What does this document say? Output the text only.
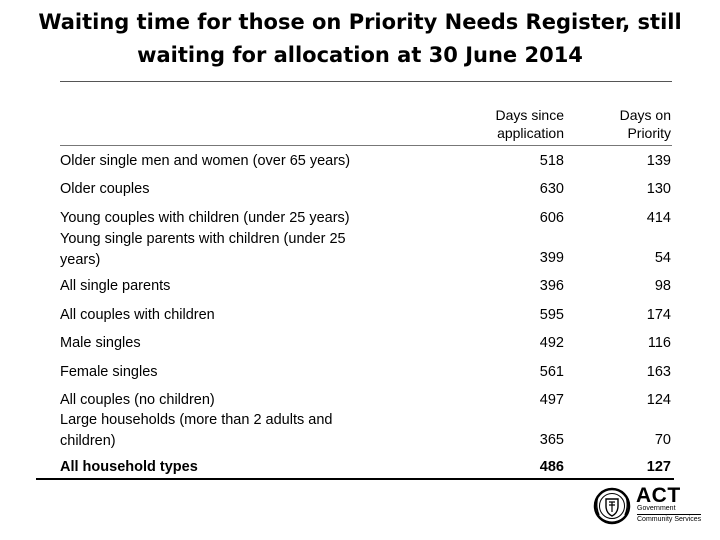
Waiting time for those on Priority Needs Register, still
waiting for allocation at 30 June 2014
Days since
application
Days on
Priority
Older single men and women (over 65 years)	518	139
Older couples	630	130
Young couples with children (under 25 years)	606	414
Young single parents with children (under 25
years)	399	54
All single parents	396	98
All couples with children	595	174
Male singles	492	116
Female singles	561	163
All couples (no children)	497	124
Large households (more than 2 adults and
children)	365	70
All household types	486	127
ACT
Government
Community Services
